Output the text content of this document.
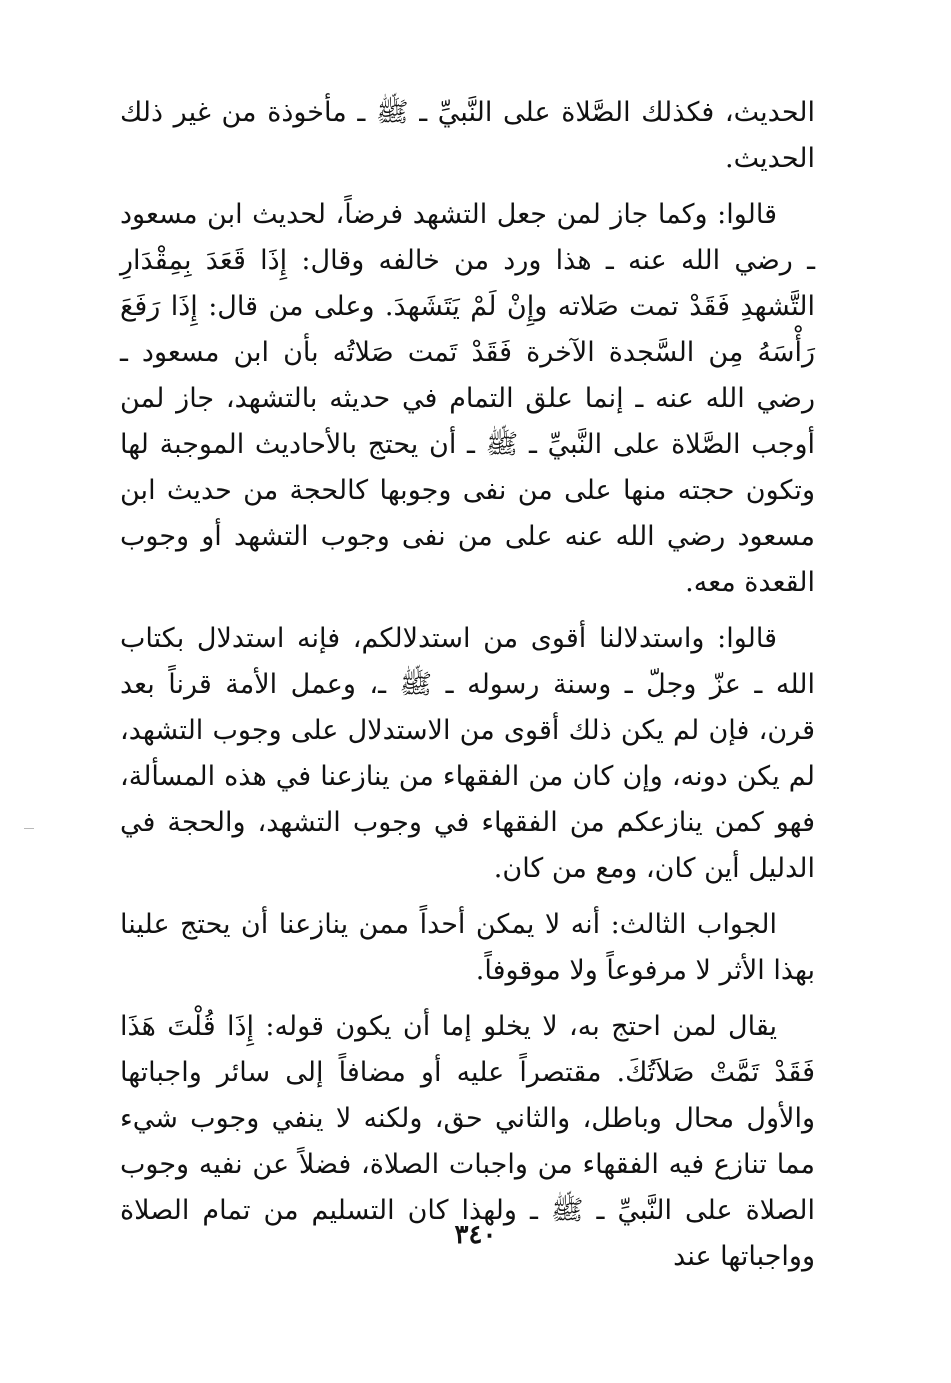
الحديث، فكذلك الصَّلاة على النَّبيِّ ـ ﷺ ـ مأخوذة من غير ذلك الحديث.

قالوا: وكما جاز لمن جعل التشهد فرضاً، لحديث ابن مسعود ـ رضي الله عنه ـ هذا ورد من خالفه وقال: إِذَا قَعَدَ بِمِقْدَارِ التَّشهدِ فَقَدْ تمت صَلاته وإِنْ لَمْ يَتَشَهدَ. وعلى من قال: إِذَا رَفَعَ رَأْسَهُ مِن السَّجدة الآخرة فَقَدْ تَمت صَلاتُه بأن ابن مسعود ـ رضي الله عنه ـ إنما علق التمام في حديثه بالتشهد، جاز لمن أوجب الصَّلاة على النَّبيِّ ـ ﷺ ـ أن يحتج بالأحاديث الموجبة لها وتكون حجته منها على من نفى وجوبها كالحجة من حديث ابن مسعود رضي الله عنه على من نفى وجوب التشهد أو وجوب القعدة معه.

قالوا: واستدلالنا أقوى من استدلالكم، فإنه استدلال بكتاب الله ـ عزّ وجلّ ـ وسنة رسوله ـ ﷺ ـ، وعمل الأمة قرناً بعد قرن، فإن لم يكن ذلك أقوى من الاستدلال على وجوب التشهد، لم يكن دونه، وإن كان من الفقهاء من ينازعنا في هذه المسألة، فهو كمن ينازعكم من الفقهاء في وجوب التشهد، والحجة في الدليل أين كان، ومع من كان.

الجواب الثالث: أنه لا يمكن أحداً ممن ينازعنا أن يحتج علينا بهذا الأثر لا مرفوعاً ولا موقوفاً.

يقال لمن احتج به، لا يخلو إما أن يكون قوله: إِذَا قُلْتَ هَذَا فَقَدْ تَمَّتْ صَلاَتُكَ. مقتصراً عليه أو مضافاً إلى سائر واجباتها والأول محال وباطل، والثاني حق، ولكنه لا ينفي وجوب شيء مما تنازع فيه الفقهاء من واجبات الصلاة، فضلاً عن نفيه وجوب الصلاة على النَّبيِّ ـ ﷺ ـ ولهذا كان التسليم من تمام الصلاة وواجباتها عند

٣٤٠
